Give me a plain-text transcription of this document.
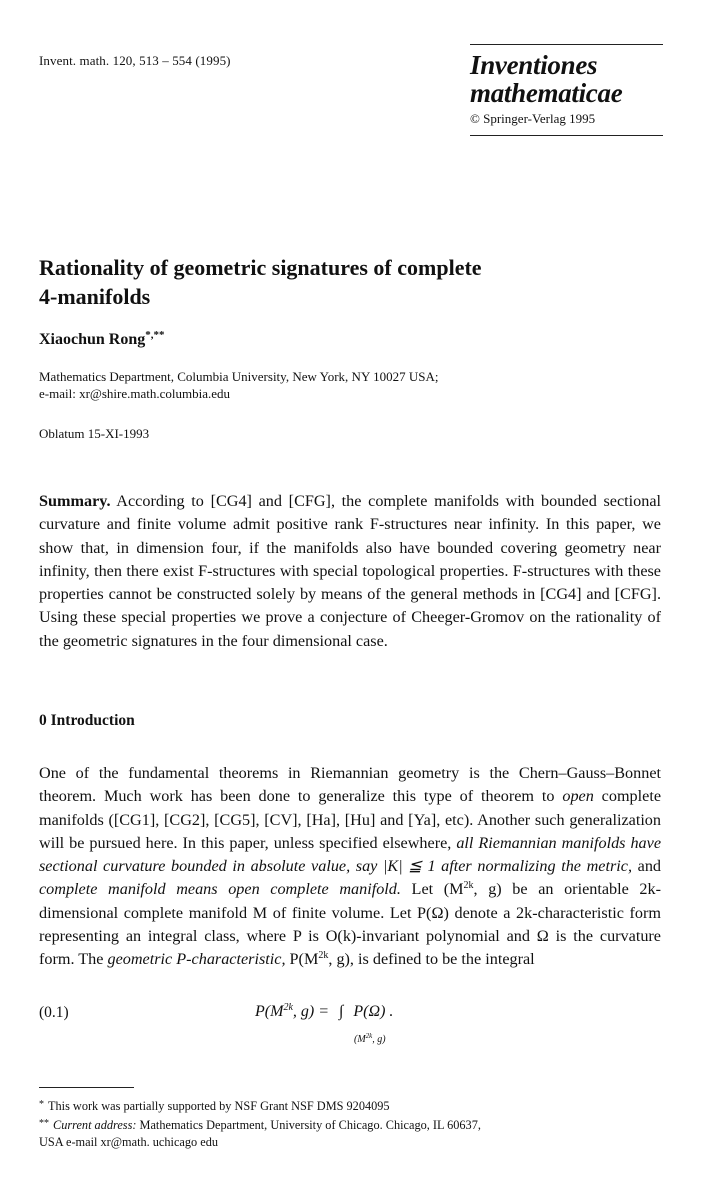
Invent. math. 120, 513 – 554 (1995)	Inventiones
mathematicae
© Springer-Verlag 1995
Rationality of geometric signatures of complete
4-manifolds
Xiaochun Rong*,**
Mathematics Department, Columbia University, New York, NY 10027 USA;
e-mail: xr@shire.math.columbia.edu
Oblatum 15-XI-1993

Summary. According to [CG4] and [CFG], the complete manifolds with bounded sectional curvature and finite volume admit positive rank F-structures near infinity. In this paper, we show that, in dimension four, if the manifolds also have bounded covering geometry near infinity, then there exist F-structures with special topological properties. F-structures with these properties cannot be constructed solely by means of the general methods in [CG4] and [CFG]. Using these special properties we prove a conjecture of Cheeger-Gromov on the rationality of the geometric signatures in the four dimensional case.

0 Introduction

One of the fundamental theorems in Riemannian geometry is the Chern–Gauss–Bonnet theorem. Much work has been done to generalize this type of theorem to open complete manifolds ([CG1], [CG2], [CG5], [CV], [Ha], [Hu] and [Ya], etc). Another such generalization will be pursued here. In this paper, unless specified elsewhere, all Riemannian manifolds have sectional curvature bounded in absolute value, say |K| ≦ 1 after normalizing the metric, and complete manifold means open complete manifold. Let ($M^{2k}$, g) be an orientable 2k-dimensional complete manifold M of finite volume. Let P(Ω) denote a 2k-characteristic form representing an integral class, where P is O(k)-invariant polynomial and Ω is the curvature form. The geometric P-characteristic, $P(M^{2k}$, g), is defined to be the integral

(0.1)	$P(M^{2k}$, g) = ∫ P(Ω) .
($M^{2k}$, g)
* This work was partially supported by NSF Grant NSF DMS 9204095
** Current address: Mathematics Department, University of Chicago. Chicago, IL 60637,
USA e-mail xr@math. uchicago edu
